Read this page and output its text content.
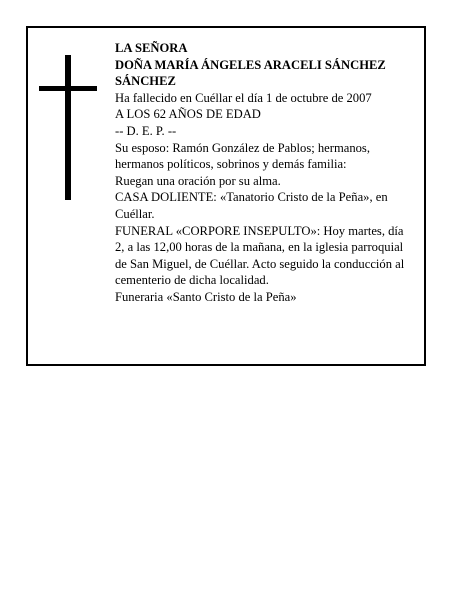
LA SEÑORA

DOÑA MARÍA ÁNGELES ARACELI SÁNCHEZ SÁNCHEZ

Ha fallecido en Cuéllar el día 1 de octubre de 2007

A LOS 62 AÑOS DE EDAD

-- D. E. P. --

Su esposo: Ramón González de Pablos; hermanos, hermanos políticos, sobrinos y demás familia:

Ruegan una oración por su alma.

CASA DOLIENTE: «Tanatorio Cristo de la Peña», en Cuéllar.

FUNERAL «CORPORE INSEPULTO»: Hoy martes, día 2, a las 12,00 horas de la mañana, en la iglesia parroquial de San Miguel, de Cuéllar. Acto seguido la conducción al cementerio de dicha localidad.

Funeraria «Santo Cristo de la Peña»
